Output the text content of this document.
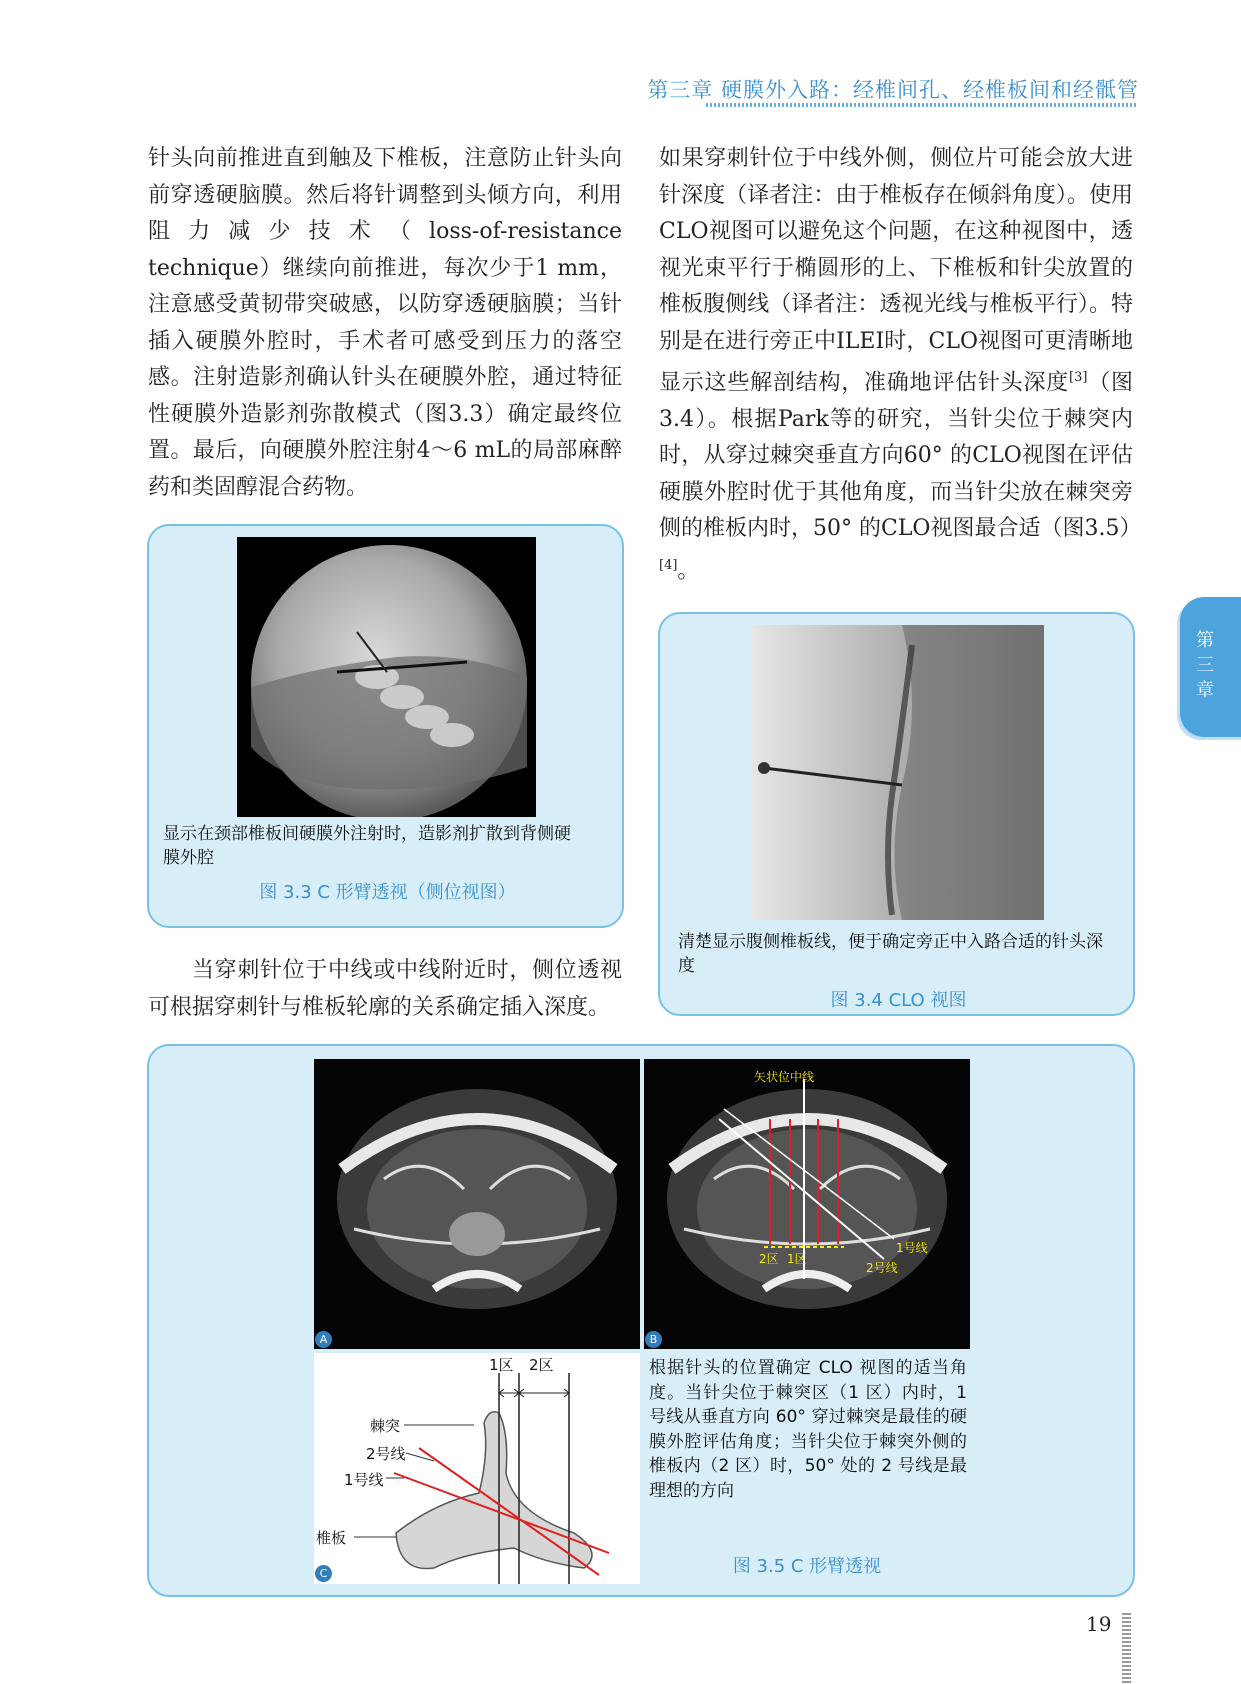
第三章 硬膜外入路：经椎间孔、经椎板间和经骶管

针头向前推进直到触及下椎板，注意防止针头向前穿透硬脑膜。然后将针调整到头倾方向，利用阻力减少技术（loss-of-resistance technique）继续向前推进，每次少于1 mm，注意感受黄韧带突破感，以防穿透硬脑膜；当针插入硬膜外腔时，手术者可感受到压力的落空感。注射造影剂确认针头在硬膜外腔，通过特征性硬膜外造影剂弥散模式（图3.3）确定最终位置。最后，向硬膜外腔注射4～6 mL的局部麻醉药和类固醇混合药物。

如果穿刺针位于中线外侧，侧位片可能会放大进针深度（译者注：由于椎板存在倾斜角度）。使用CLO视图可以避免这个问题，在这种视图中，透视光束平行于椭圆形的上、下椎板和针尖放置的椎板腹侧线（译者注：透视光线与椎板平行）。特别是在进行旁正中ILEI时，CLO视图可更清晰地显示这些解剖结构，准确地评估针头深度[3]（图3.4）。根据Park等的研究，当针尖位于棘突内时，从穿过棘突垂直方向60° 的CLO视图在评估硬膜外腔时优于其他角度，而当针尖放在棘突旁侧的椎板内时，50° 的CLO视图最合适（图3.5）[4]。

显示在颈部椎板间硬膜外注射时，造影剂扩散到背侧硬膜外腔
图 3.3 C 形臂透视（侧位视图）

当穿刺针位于中线或中线附近时，侧位透视可根据穿刺针与椎板轮廓的关系确定插入深度。

清楚显示腹侧椎板线，便于确定旁正中入路合适的针头深度
图 3.4 CLO 视图
A
矢状位中线
2区 1区
1号线
2号线
B
1区 2区
棘突
2号线
1号线
椎板
C
根据针头的位置确定 CLO 视图的适当角度。当针尖位于棘突区（1 区）内时，1 号线从垂直方向 60° 穿过棘突是最佳的硬膜外腔评估角度；当针尖位于棘突外侧的椎板内（2 区）时，50° 处的 2 号线是最理想的方向
图 3.5 C 形臂透视
第三章
19
